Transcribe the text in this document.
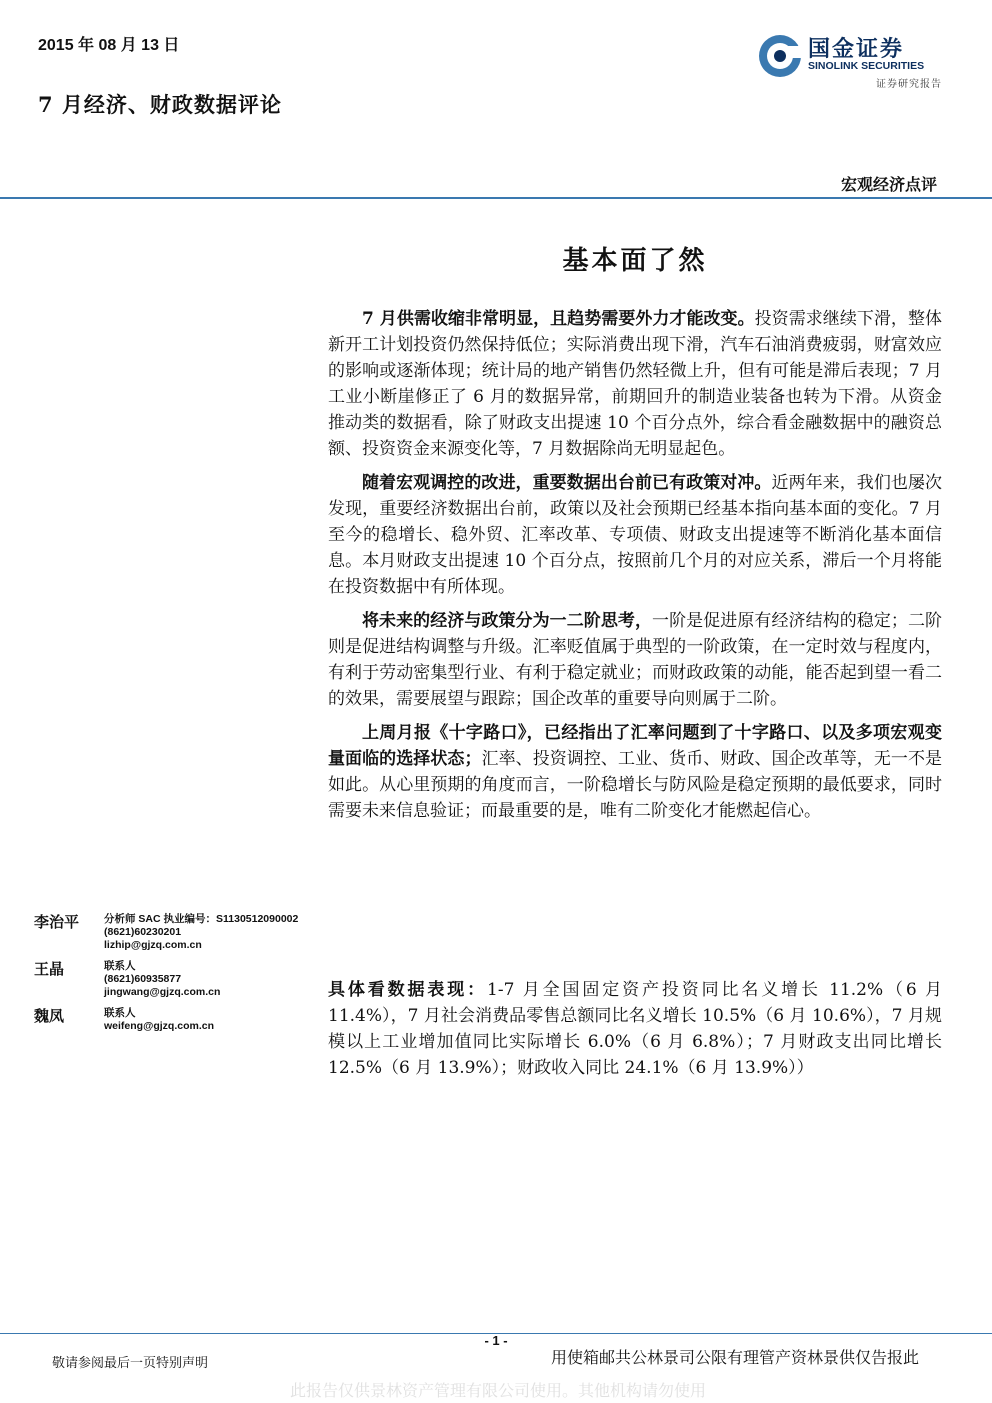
2015 年 08 月 13 日
7 月经济、财政数据评论
国金证券
SINOLINK SECURITIES
证券研究报告
宏观经济点评
基本面了然

7 月供需收缩非常明显，且趋势需要外力才能改变。投资需求继续下滑，整体新开工计划投资仍然保持低位；实际消费出现下滑，汽车石油消费疲弱，财富效应的影响或逐渐体现；统计局的地产销售仍然轻微上升，但有可能是滞后表现；7 月工业小断崖修正了 6 月的数据异常，前期回升的制造业装备也转为下滑。从资金推动类的数据看，除了财政支出提速 10 个百分点外，综合看金融数据中的融资总额、投资资金来源变化等，7 月数据除尚无明显起色。

随着宏观调控的改进，重要数据出台前已有政策对冲。近两年来，我们也屡次发现，重要经济数据出台前，政策以及社会预期已经基本指向基本面的变化。7 月至今的稳增长、稳外贸、汇率改革、专项债、财政支出提速等不断消化基本面信息。本月财政支出提速 10 个百分点，按照前几个月的对应关系，滞后一个月将能在投资数据中有所体现。

将未来的经济与政策分为一二阶思考，一阶是促进原有经济结构的稳定；二阶则是促进结构调整与升级。汇率贬值属于典型的一阶政策，在一定时效与程度内，有利于劳动密集型行业、有利于稳定就业；而财政政策的动能，能否起到望一看二的效果，需要展望与跟踪；国企改革的重要导向则属于二阶。

上周月报《十字路口》，已经指出了汇率问题到了十字路口、以及多项宏观变量面临的选择状态；汇率、投资调控、工业、货币、财政、国企改革等，无一不是如此。从心里预期的角度而言，一阶稳增长与防风险是稳定预期的最低要求，同时需要未来信息验证；而最重要的是，唯有二阶变化才能燃起信心。

具体看数据表现：1-7 月全国固定资产投资同比名义增长 11.2%（6 月 11.4%），7 月社会消费品零售总额同比名义增长 10.5%（6 月 10.6%），7 月规模以上工业增加值同比实际增长 6.0%（6 月 6.8%）；7 月财政支出同比增长 12.5%（6 月 13.9%）；财政收入同比 24.1%（6 月 13.9%））
李治平 分析师 SAC 执业编号：S1130512090002
(8621)60230201
lizhip@gjzq.com.cn
王晶	联系人
(8621)60935877
jingwang@gjzq.com.cn
魏凤	联系人
weifeng@gjzq.com.cn
- 1 -
敬请参阅最后一页特别声明	用使箱邮共公林景司公限有理管产资林景供仅告报此
此报告仅供景林资产管理有限公司使用。其他机构请勿使用
